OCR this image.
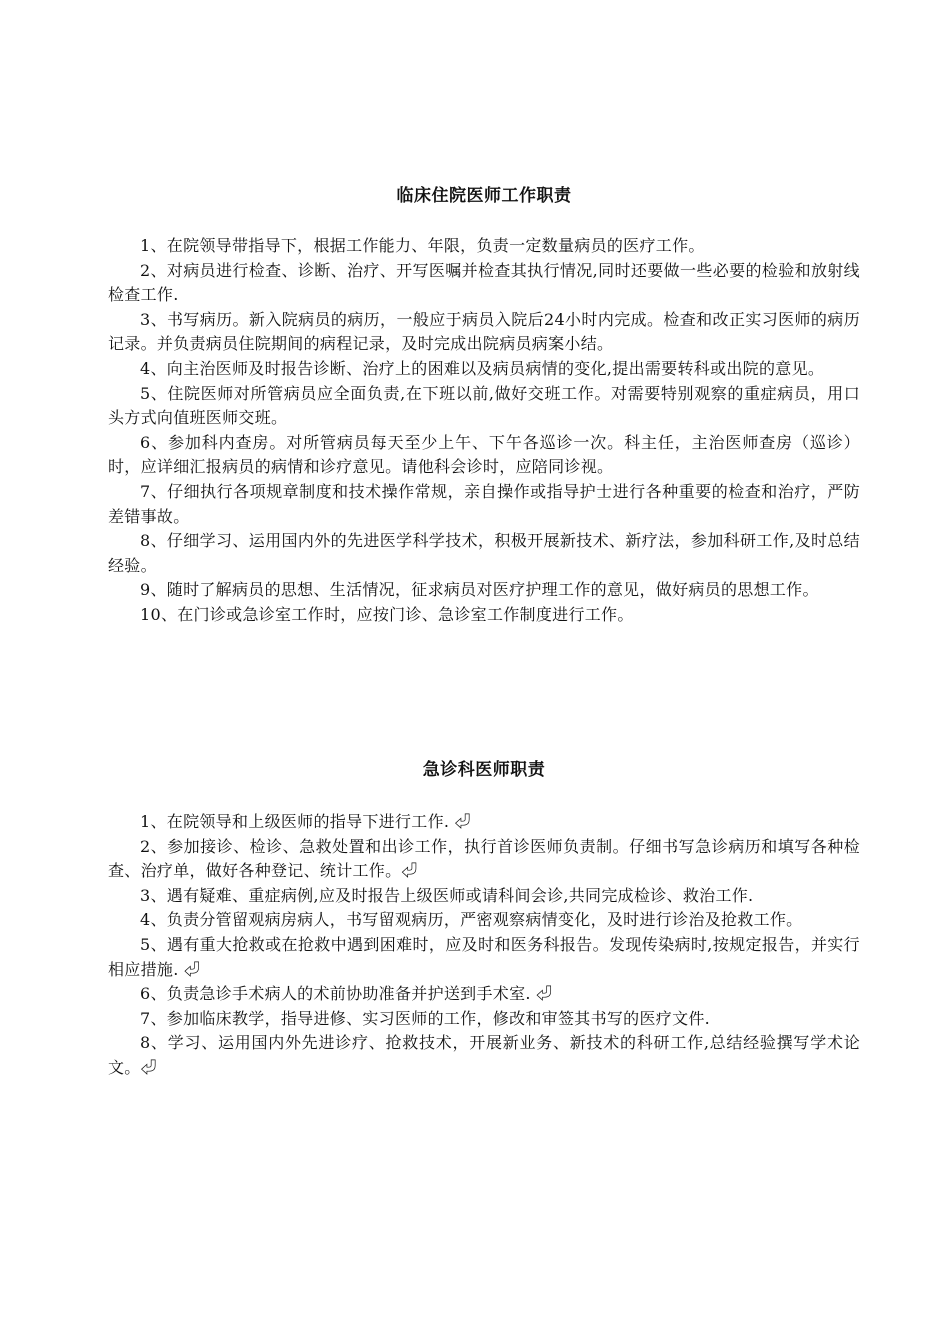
临床住院医师工作职责

1、在院领导带指导下，根据工作能力、年限，负责一定数量病员的医疗工作。

2、对病员进行检查、诊断、治疗、开写医嘱并检查其执行情况,同时还要做一些必要的检验和放射线检查工作.

3、书写病历。新入院病员的病历，一般应于病员入院后24小时内完成。检查和改正实习医师的病历记录。并负责病员住院期间的病程记录，及时完成出院病员病案小结。

4、向主治医师及时报告诊断、治疗上的困难以及病员病情的变化,提出需要转科或出院的意见。

5、住院医师对所管病员应全面负责,在下班以前,做好交班工作。对需要特别观察的重症病员，用口头方式向值班医师交班。

6、参加科内查房。对所管病员每天至少上午、下午各巡诊一次。科主任，主治医师查房（巡诊）时，应详细汇报病员的病情和诊疗意见。请他科会诊时，应陪同诊视。

7、仔细执行各项规章制度和技术操作常规，亲自操作或指导护士进行各种重要的检查和治疗，严防差错事故。

8、仔细学习、运用国内外的先进医学科学技术，积极开展新技术、新疗法，参加科研工作,及时总结经验。

9、随时了解病员的思想、生活情况，征求病员对医疗护理工作的意见，做好病员的思想工作。

10、在门诊或急诊室工作时，应按门诊、急诊室工作制度进行工作。

急诊科医师职责

1、在院领导和上级医师的指导下进行工作. ⏎

2、参加接诊、检诊、急救处置和出诊工作，执行首诊医师负责制。仔细书写急诊病历和填写各种检查、治疗单，做好各种登记、统计工作。⏎

3、遇有疑难、重症病例,应及时报告上级医师或请科间会诊,共同完成检诊、救治工作.

4、负责分管留观病房病人，书写留观病历，严密观察病情变化，及时进行诊治及抢救工作。

5、遇有重大抢救或在抢救中遇到困难时，应及时和医务科报告。发现传染病时,按规定报告，并实行相应措施. ⏎

6、负责急诊手术病人的术前协助准备并护送到手术室. ⏎

7、参加临床教学，指导进修、实习医师的工作，修改和审签其书写的医疗文件.

8、学习、运用国内外先进诊疗、抢救技术，开展新业务、新技术的科研工作,总结经验撰写学术论文。⏎
